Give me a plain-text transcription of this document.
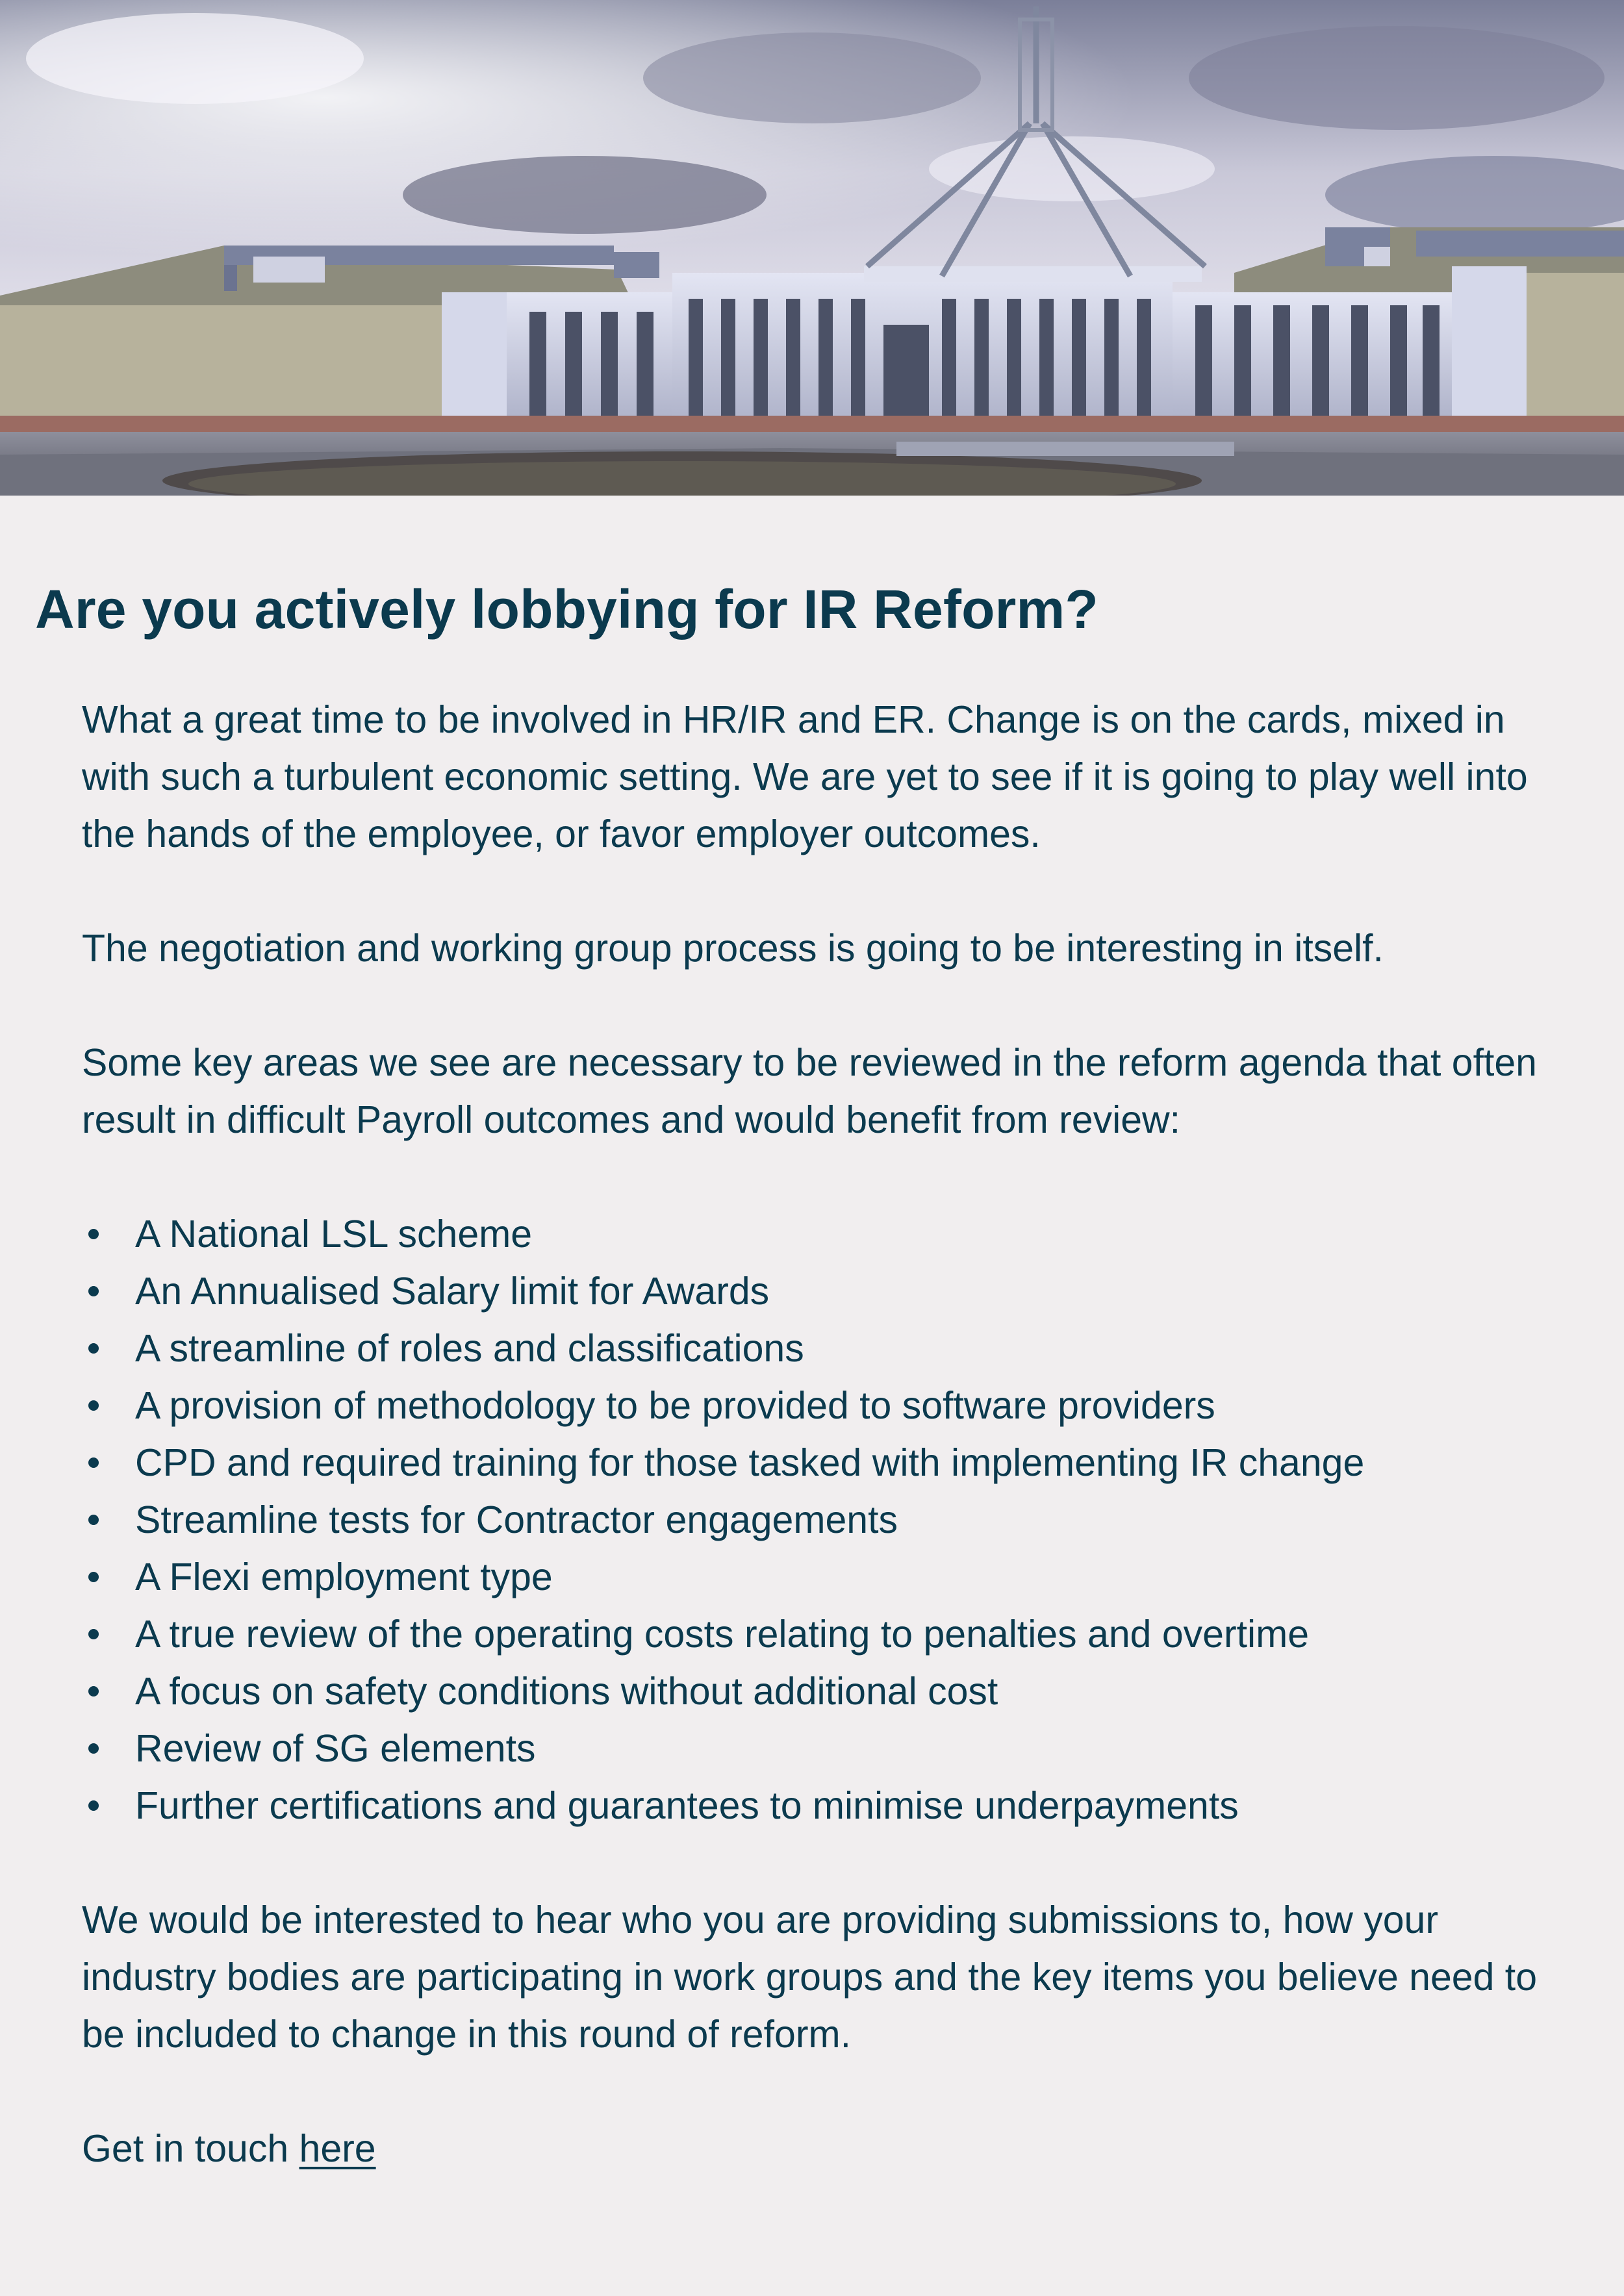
Are you actively lobbying for IR Reform?

What a great time to be involved in HR/IR and ER. Change is on the cards, mixed in with such a turbulent economic setting. We are yet to see if it is going to play well into the hands of the employee, or favor employer outcomes.

The negotiation and working group process is going to be interesting in itself.

Some key areas we see are necessary to be reviewed in the reform agenda that often result in difficult Payroll outcomes and would benefit from review:

A National LSL scheme
An Annualised Salary limit for Awards
A streamline of roles and classifications
A provision of methodology to be provided to software providers
CPD and required training for those tasked with implementing IR change
Streamline tests for Contractor engagements
A Flexi employment type
A true review of the operating costs relating to penalties and overtime
A focus on safety conditions without additional cost
Review of SG elements
Further certifications and guarantees to minimise underpayments

We would be interested to hear who you are providing submissions to, how your industry bodies are participating in work groups and the key items you believe need to be included to change in this round of reform.

Get in touch here
